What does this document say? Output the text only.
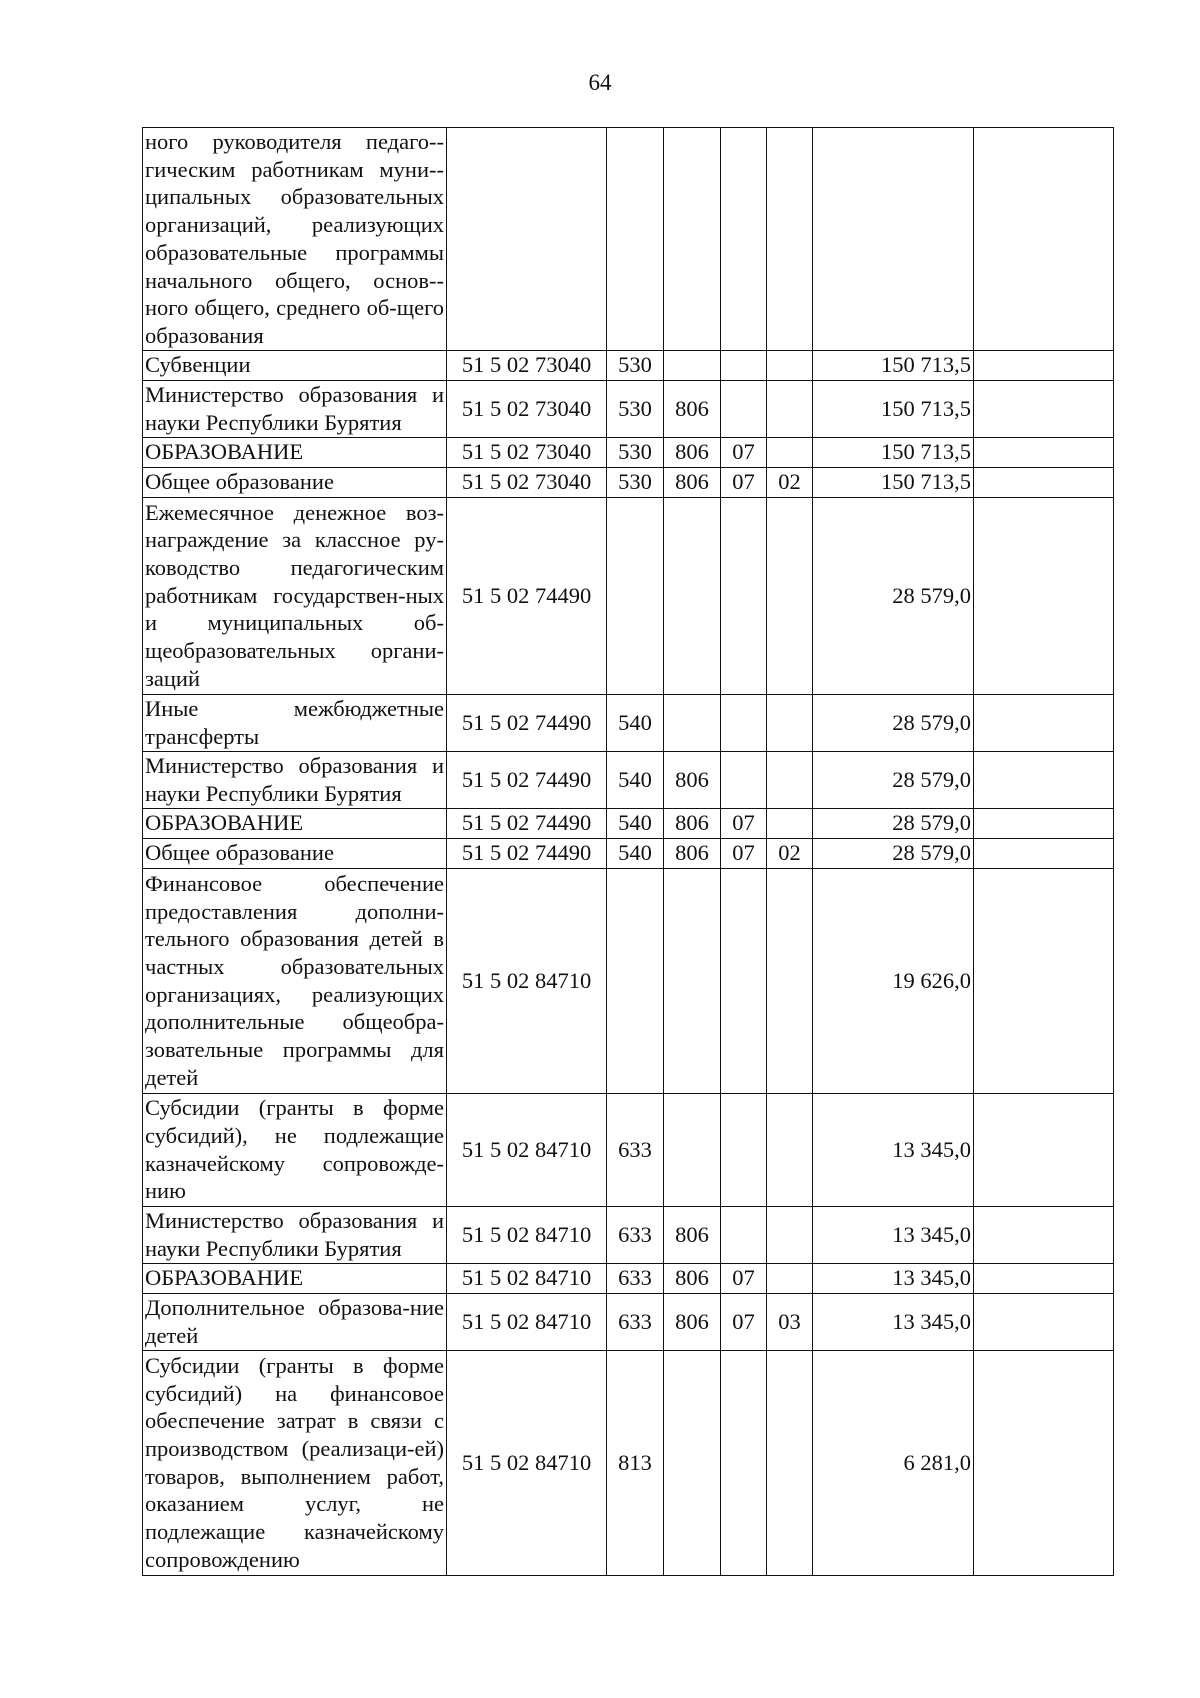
64
ного руководителя педаго-гическим работникам муни-ципальных образовательных организаций, реализующих образовательные программы начального общего, основ-ного общего, среднего об-щего образования							
Субвенции	51 5 02 73040	530				150 713,5	
Министерство образования и науки Республики Бурятия	51 5 02 73040	530	806			150 713,5	
ОБРАЗОВАНИЕ	51 5 02 73040	530	806	07		150 713,5	
Общее образование	51 5 02 73040	530	806	07	02	150 713,5	
Ежемесячное денежное воз-награждение за классное ру-ководство педагогическим работникам государствен-ных и муниципальных об-щеобразовательных органи-заций	51 5 02 74490					28 579,0	
Иные межбюджетные трансферты	51 5 02 74490	540				28 579,0	
Министерство образования и науки Республики Бурятия	51 5 02 74490	540	806			28 579,0	
ОБРАЗОВАНИЕ	51 5 02 74490	540	806	07		28 579,0	
Общее образование	51 5 02 74490	540	806	07	02	28 579,0	
Финансовое обеспечение предоставления дополни-тельного образования детей в частных образовательных организациях, реализующих дополнительные общеобра-зовательные программы для детей	51 5 02 84710					19 626,0	
Субсидии (гранты в форме субсидий), не подлежащие казначейскому сопровожде-нию	51 5 02 84710	633				13 345,0	
Министерство образования и науки Республики Бурятия	51 5 02 84710	633	806			13 345,0	
ОБРАЗОВАНИЕ	51 5 02 84710	633	806	07		13 345,0	
Дополнительное образова-ние детей	51 5 02 84710	633	806	07	03	13 345,0	
Субсидии (гранты в форме субсидий) на финансовое обеспечение затрат в связи с производством (реализаци-ей) товаров, выполнением работ, оказанием услуг, не подлежащие казначейскому сопровождению	51 5 02 84710	813				6 281,0	
